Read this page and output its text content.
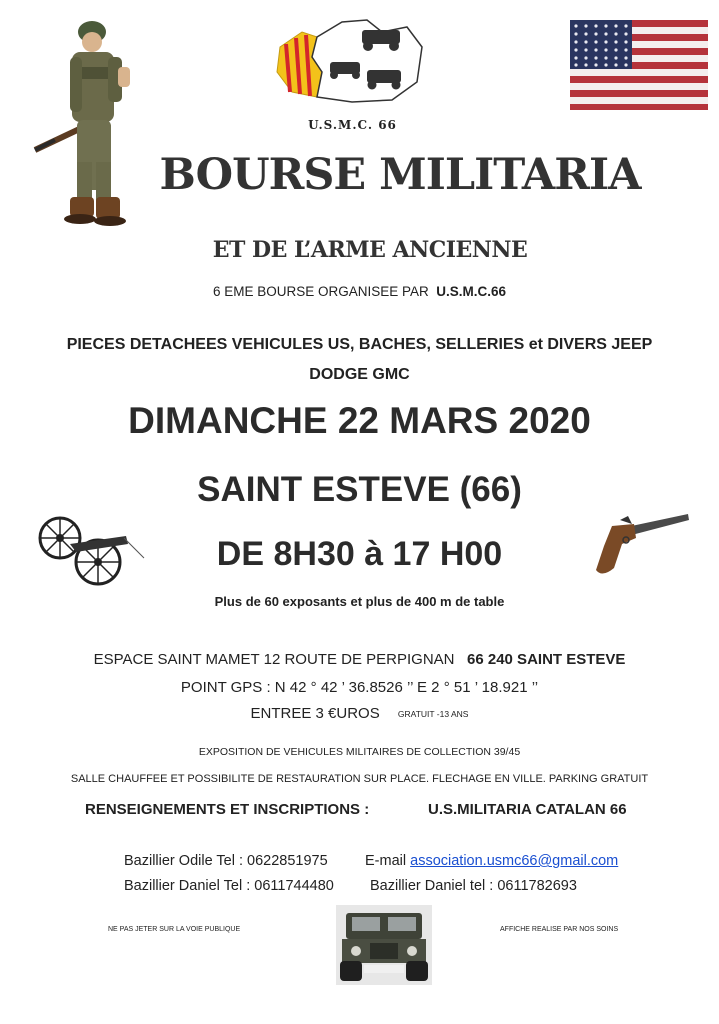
U.S.M.C. 66
BOURSE MILITARIA
ET DE L’ARME ANCIENNE
6 EME BOURSE ORGANISEE PAR U.S.M.C.66
PIECES DETACHEES VEHICULES US, BACHES, SELLERIES et DIVERS JEEP
DODGE GMC
DIMANCHE 22 MARS 2020
SAINT ESTEVE (66)
DE 8H30 à 17 H00
Plus de 60 exposants et plus de 400 m de table
ESPACE SAINT MAMET 12 ROUTE DE PERPIGNAN 66 240 SAINT ESTEVE
POINT GPS : N 42 ° 42 ’ 36.8526 ’’ E 2 ° 51 ’ 18.921 ’’
ENTREE 3 €UROS GRATUIT -13 ANS
EXPOSITION DE VEHICULES MILITAIRES DE COLLECTION 39/45
SALLE CHAUFFEE ET POSSIBILITE DE RESTAURATION SUR PLACE. FLECHAGE EN VILLE. PARKING GRATUIT
RENSEIGNEMENTS ET INSCRIPTIONS :	U.S.MILITARIA CATALAN 66
Bazillier Odile Tel : 0622851975	E-mail association.usmc66@gmail.com
Bazillier Daniel Tel : 0611744480 Bazillier Daniel tel : 0611782693
NE PAS JETER SUR LA VOIE PUBLIQUE	AFFICHE REALISE PAR NOS SOINS
